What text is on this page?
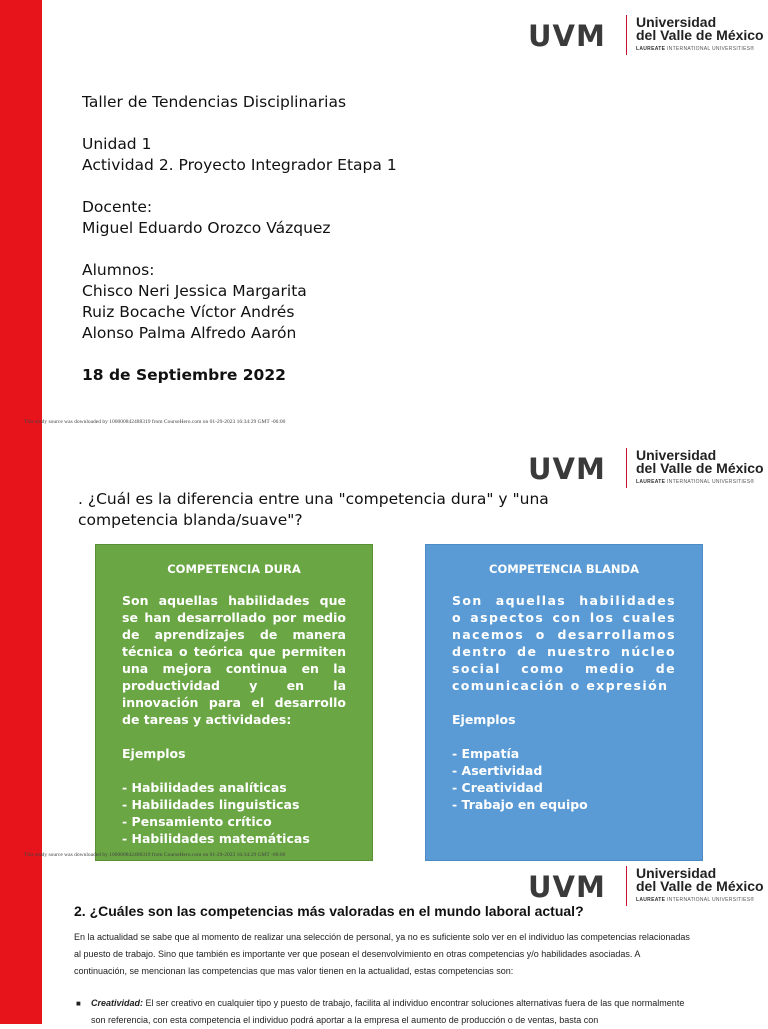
UVM Universidad
del Valle de México
LAUREATE INTERNATIONAL UNIVERSITIES®
Taller de Tendencias Disciplinarias
Unidad 1
Actividad 2. Proyecto Integrador Etapa 1
Docente:
Miguel Eduardo Orozco Vázquez
Alumnos:
Chisco Neri Jessica Margarita
Ruiz Bocache Víctor Andrés
Alonso Palma Alfredo Aarón
18 de Septiembre 2022
This study source was downloaded by 100000842488319 from CourseHero.com on 01-29-2023 16:34:29 GMT -06:00
UVM Universidad
del Valle de México
LAUREATE INTERNATIONAL UNIVERSITIES®
. ¿Cuál es la diferencia entre una "competencia dura" y "una competencia blanda/suave"?
COMPETENCIA DURA
Son aquellas habilidades que se han desarrollado por medio de aprendizajes de manera técnica o teórica que permiten una mejora continua en la productividad y en la innovación para el desarrollo de tareas y actividades:
Ejemplos
- Habilidades analíticas
- Habilidades linguisticas
- Pensamiento crítico
- Habilidades matemáticas
COMPETENCIA BLANDA
Son aquellas habilidades o aspectos con los cuales nacemos o desarrollamos dentro de nuestro núcleo social como medio de comunicación o expresión
Ejemplos
- Empatía
- Asertividad
- Creatividad
- Trabajo en equipo
This study source was downloaded by 100000842488319 from CourseHero.com on 01-29-2023 16:34:29 GMT -06:00
UVM Universidad
del Valle de México
LAUREATE INTERNATIONAL UNIVERSITIES®
2. ¿Cuáles son las competencias más valoradas en el mundo laboral actual?
En la actualidad se sabe que al momento de realizar una selección de personal, ya no es suficiente solo ver en el individuo las competencias relacionadas al puesto de trabajo. Sino que también es importante ver que posean el desenvolvimiento en otras competencias y/o habilidades asociadas. A continuación, se mencionan las competencias que mas valor tienen en la actualidad, estas competencias son:
■	Creatividad: El ser creativo en cualquier tipo y puesto de trabajo, facilita al individuo encontrar soluciones alternativas fuera de las que normalmente son referencia, con esta competencia el individuo podrá aportar a la empresa el aumento de producción o de ventas, basta con
